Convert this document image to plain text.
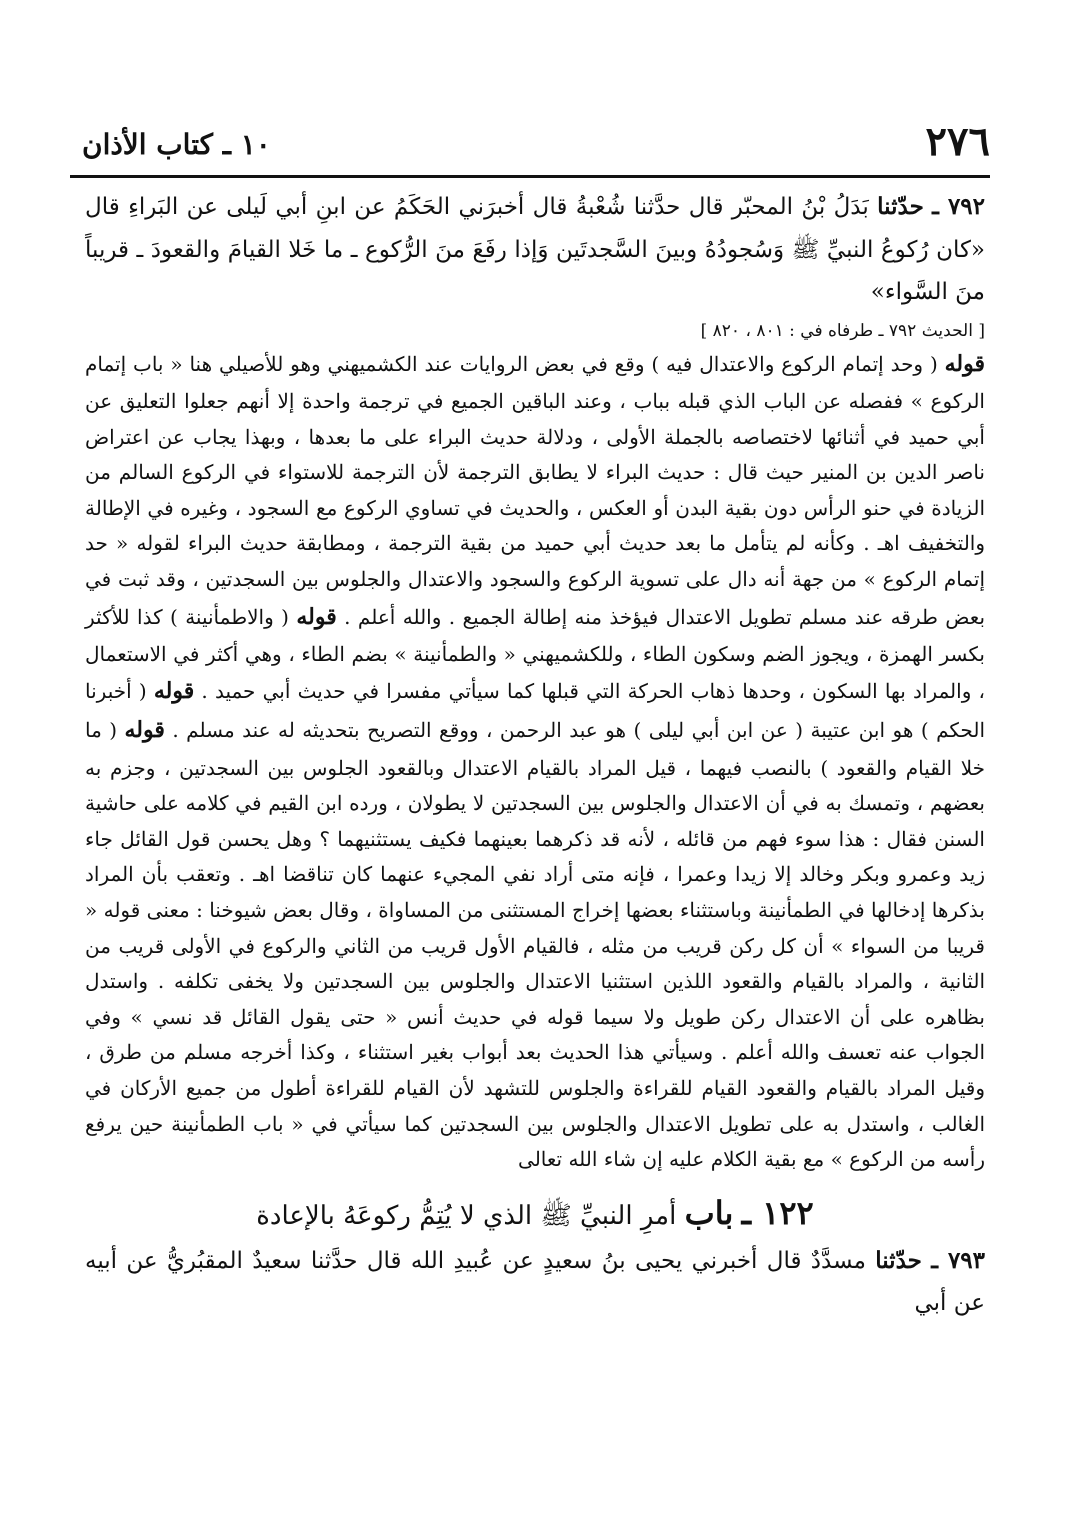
٢٧٦
١٠ ـ كتاب الأذان

٧٩٢ ـ حدّثنا بَدَلُ بْنُ المحبّر قال حدَّثنا شُعْبةُ قال أخبرَني الحَكَمُ عن ابنِ أبي لَيلى عن البَراءِ قال «كان رُكوعُ النبيِّ ﷺ وَسُجودُهُ وبينَ السَّجدتَين وَإذا رفَعَ منَ الرُّكوع ـ ما خَلا القيامَ والقعودَ ـ قريباً منَ السَّواء»

[ الحديث ٧٩٢ ـ طرفاه في : ٨٠١ ، ٨٢٠ ]

قوله ( وحد إتمام الركوع والاعتدال فيه ) وقع في بعض الروايات عند الكشميهني وهو للأصيلي هنا « باب إتمام الركوع » ففصله عن الباب الذي قبله بباب ، وعند الباقين الجميع في ترجمة واحدة إلا أنهم جعلوا التعليق عن أبي حميد في أثنائها لاختصاصه بالجملة الأولى ، ودلالة حديث البراء على ما بعدها ، وبهذا يجاب عن اعتراض ناصر الدين بن المنير حيث قال : حديث البراء لا يطابق الترجمة لأن الترجمة للاستواء في الركوع السالم من الزيادة في حنو الرأس دون بقية البدن أو العكس ، والحديث في تساوي الركوع مع السجود ، وغيره في الإطالة والتخفيف اهـ . وكأنه لم يتأمل ما بعد حديث أبي حميد من بقية الترجمة ، ومطابقة حديث البراء لقوله « حد إتمام الركوع » من جهة أنه دال على تسوية الركوع والسجود والاعتدال والجلوس بين السجدتين ، وقد ثبت في بعض طرقه عند مسلم تطويل الاعتدال فيؤخذ منه إطالة الجميع . والله أعلم . قوله ( والاطمأنينة ) كذا للأكثر بكسر الهمزة ، ويجوز الضم وسكون الطاء ، وللكشميهني « والطمأنينة » بضم الطاء ، وهي أكثر في الاستعمال ، والمراد بها السكون ، وحدها ذهاب الحركة التي قبلها كما سيأتي مفسرا في حديث أبي حميد . قوله ( أخبرنا الحكم ) هو ابن عتيبة ( عن ابن أبي ليلى ) هو عبد الرحمن ، ووقع التصريح بتحديثه له عند مسلم . قوله ( ما خلا القيام والقعود ) بالنصب فيهما ، قيل المراد بالقيام الاعتدال وبالقعود الجلوس بين السجدتين ، وجزم به بعضهم ، وتمسك به في أن الاعتدال والجلوس بين السجدتين لا يطولان ، ورده ابن القيم في كلامه على حاشية السنن فقال : هذا سوء فهم من قائله ، لأنه قد ذكرهما بعينهما فكيف يستثنيهما ؟ وهل يحسن قول القائل جاء زيد وعمرو وبكر وخالد إلا زيدا وعمرا ، فإنه متى أراد نفي المجيء عنهما كان تناقضا اهـ . وتعقب بأن المراد بذكرها إدخالها في الطمأنينة وباستثناء بعضها إخراج المستثنى من المساواة ، وقال بعض شيوخنا : معنى قوله « قريبا من السواء » أن كل ركن قريب من مثله ، فالقيام الأول قريب من الثاني والركوع في الأولى قريب من الثانية ، والمراد بالقيام والقعود اللذين استثنيا الاعتدال والجلوس بين السجدتين ولا يخفى تكلفه . واستدل بظاهره على أن الاعتدال ركن طويل ولا سيما قوله في حديث أنس « حتى يقول القائل قد نسي » وفي الجواب عنه تعسف والله أعلم . وسيأتي هذا الحديث بعد أبواب بغير استثناء ، وكذا أخرجه مسلم من طرق ، وقيل المراد بالقيام والقعود القيام للقراءة والجلوس للتشهد لأن القيام للقراءة أطول من جميع الأركان في الغالب ، واستدل به على تطويل الاعتدال والجلوس بين السجدتين كما سيأتي في « باب الطمأنينة حين يرفع رأسه من الركوع » مع بقية الكلام عليه إن شاء الله تعالى

١٢٢ ـ باب أمرِ النبيِّ ﷺ الذي لا يُتِمُّ ركوعَهُ بالإعادة

٧٩٣ ـ حدّثنا مسدَّدٌ قال أخبرني يحيى بنُ سعيدٍ عن عُبيدِ الله قال حدَّثنا سعيدٌ المقبُريُّ عن أبيه عن أبي
